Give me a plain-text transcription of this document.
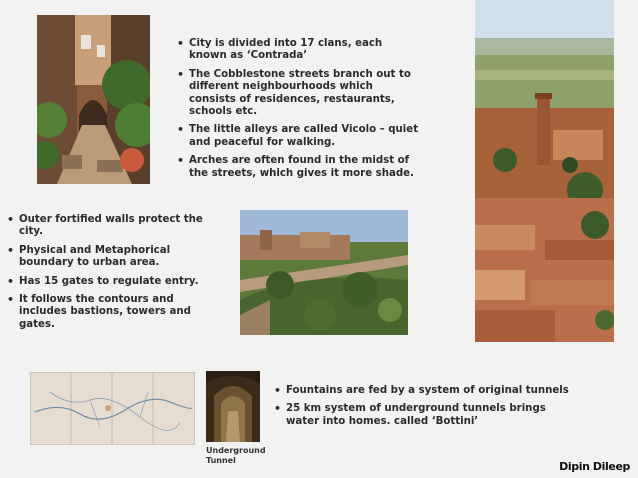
• City is divided into 17 clans, each known as ‘Contrada’
• The Cobblestone streets branch out to different neighbourhoods which consists of residences, restaurants, schools etc.
• The little alleys are called Vicolo – quiet and peaceful for walking.
• Arches are often found in the midst of the streets, which gives it more shade.
• Outer fortified walls protect the city.
• Physical and Metaphorical boundary to urban area.
• Has 15 gates to regulate entry.
• It follows the contours and includes bastions, towers and gates.
Underground Tunnel
• Fountains are fed by a system of original tunnels
• 25 km system of underground tunnels brings water into homes. called ‘Bottini’
Dipin Dileep
